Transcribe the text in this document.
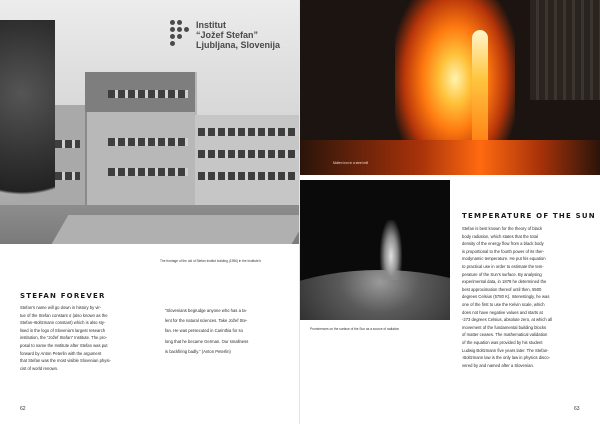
Institut
“Jožef Stefan”
Ljubljana, Slovenija
The frontage of the old of Stefan Institut building (1956) in the Institute’s
STEFAN FOREVER
Stefan’s name will go down in history by vir-
tue of the Stefan constant σ (also known as the
Stefan–Boltzmann constant) which is also sty-
lised in the logo of Slovenia’s largest research
institution, the “Jožef Stefan” Institute. The pro-
posal to name the Institute after Stefan was put
forward by Anton Peterlin with the argument
that Stefan was the most visible Slovenian physi-
cist of world renown.
“Slovenians begrudge anyone who has a ta-
lent for the natural sciences. Take Jožef Ste-
fan. He was persecuted in Carinthia for so
long that he became German. Our smallness
is backfiring badly.” (Anton Peterlin)
62
Molten iron in a steel mill
Prominences on the surface of the Sun as a source of radiation
TEMPERATURE OF THE SUN
Stefan is best known for the theory of black
body radiation, which states that the total
density of the energy flow from a black body
is proportional to the fourth power of its ther-
modynamic temperature. He put his equation
to practical use in order to estimate the tem-
perature of the Sun’s surface. By analysing
experimental data, in 1879 he determined the
best approximation thereof until then, 5500
degrees Celsius (5780 K). Interestingly, he was
one of the first to use the Kelvin scale, which
does not have negative values and starts at
-273 degrees Celsius, absolute zero, at which all
movement of the fundamental building blocks
of matter ceases. The mathematical validation
of the equation was provided by his student
Ludwig Boltzmann five years later. The Stefan-
-Boltzmann law is the only law in physics disco-
vered by and named after a Slovenian.
63
